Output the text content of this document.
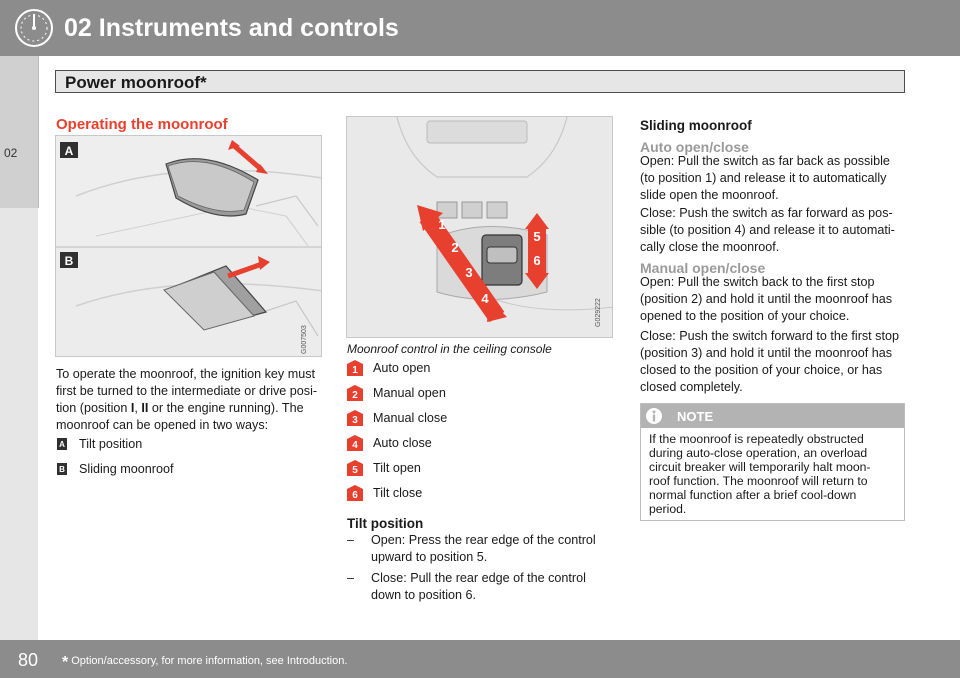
02 Instruments and controls
02
Power moonroof*
Operating the moonroof
A
B
G007503
To operate the moonroof, the ignition key must
first be turned to the intermediate or drive posi-
tion (position I, II or the engine running). The
moonroof can be opened in two ways:
A Tilt position
B Sliding moonroof
1
2
3
4
5
6
G029222
Moonroof control in the ceiling console
1 Auto open
2 Manual open
3 Manual close
4 Auto close
5 Tilt open
6 Tilt close
Tilt position
– Open: Press the rear edge of the control
upward to position 5.
– Close: Pull the rear edge of the control
down to position 6.
Sliding moonroof
Auto open/close
Open: Pull the switch as far back as possible
(to position 1) and release it to automatically
slide open the moonroof.
Close: Push the switch as far forward as pos-
sible (to position 4) and release it to automati-
cally close the moonroof.
Manual open/close
Open: Pull the switch back to the first stop
(position 2) and hold it until the moonroof has
opened to the position of your choice.
Close: Push the switch forward to the first stop
(position 3) and hold it until the moonroof has
closed to the position of your choice, or has
closed completely.
NOTE
If the moonroof is repeatedly obstructed
during auto-close operation, an overload
circuit breaker will temporarily halt moon-
roof function. The moonroof will return to
normal function after a brief cool-down
period.
80 * Option/accessory, for more information, see Introduction.
